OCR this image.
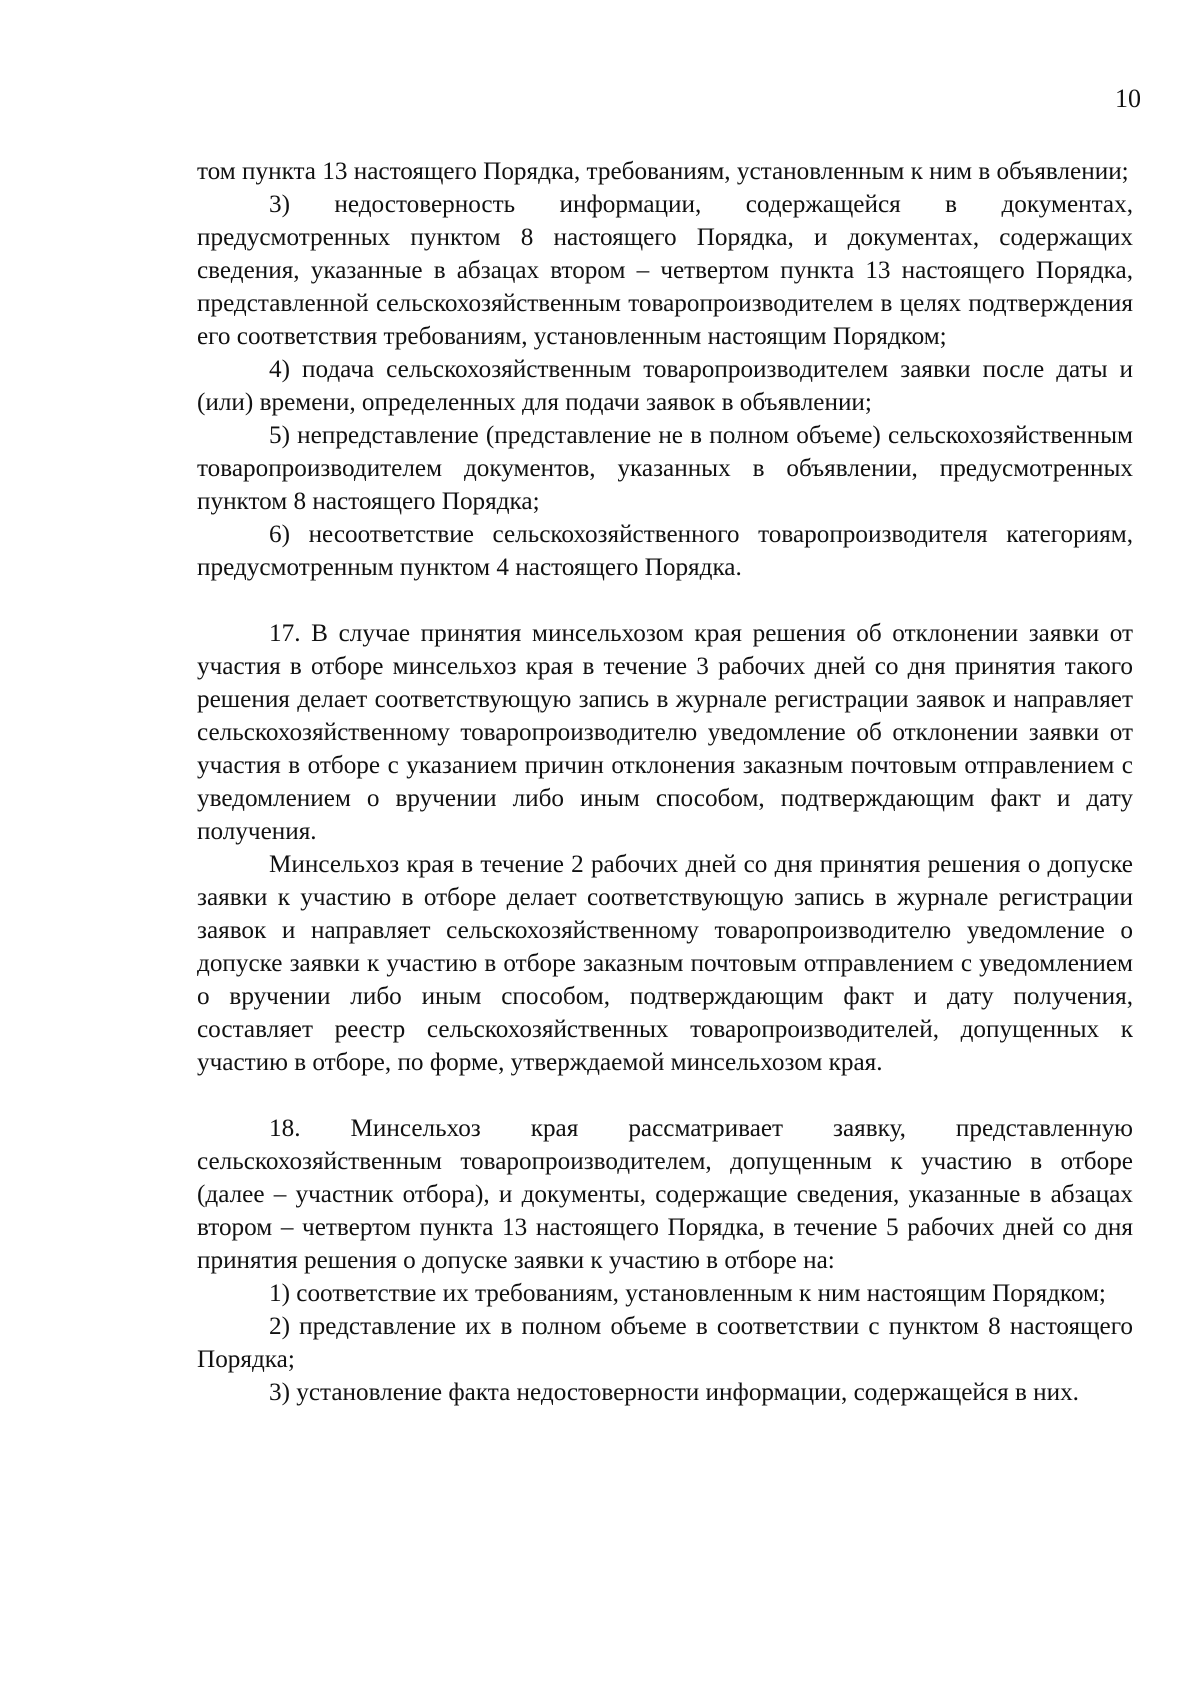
10

том пункта 13 настоящего Порядка, требованиям, установленным к ним в объявлении;

3) недостоверность информации, содержащейся в документах, предусмотренных пунктом 8 настоящего Порядка, и документах, содержащих сведения, указанные в абзацах втором – четвертом пункта 13 настоящего Порядка, представленной сельскохозяйственным товаропроизводителем в целях подтверждения его соответствия требованиям, установленным настоящим Порядком;

4) подача сельскохозяйственным товаропроизводителем заявки после даты и (или) времени, определенных для подачи заявок в объявлении;

5) непредставление (представление не в полном объеме) сельскохозяйственным товаропроизводителем документов, указанных в объявлении, предусмотренных пунктом 8 настоящего Порядка;

6) несоответствие сельскохозяйственного товаропроизводителя категориям, предусмотренным пунктом 4 настоящего Порядка.

17. В случае принятия минсельхозом края решения об отклонении заявки от участия в отборе минсельхоз края в течение 3 рабочих дней со дня принятия такого решения делает соответствующую запись в журнале регистрации заявок и направляет сельскохозяйственному товаропроизводителю уведомление об отклонении заявки от участия в отборе с указанием причин отклонения заказным почтовым отправлением с уведомлением о вручении либо иным способом, подтверждающим факт и дату получения.

Минсельхоз края в течение 2 рабочих дней со дня принятия решения о допуске заявки к участию в отборе делает соответствующую запись в журнале регистрации заявок и направляет сельскохозяйственному товаропроизводителю уведомление о допуске заявки к участию в отборе заказным почтовым отправлением с уведомлением о вручении либо иным способом, подтверждающим факт и дату получения, составляет реестр сельскохозяйственных товаропроизводителей, допущенных к участию в отборе, по форме, утверждаемой минсельхозом края.

18. Минсельхоз края рассматривает заявку, представленную сельскохозяйственным товаропроизводителем, допущенным к участию в отборе (далее – участник отбора), и документы, содержащие сведения, указанные в абзацах втором – четвертом пункта 13 настоящего Порядка, в течение 5 рабочих дней со дня принятия решения о допуске заявки к участию в отборе на:

1) соответствие их требованиям, установленным к ним настоящим Порядком;

2) представление их в полном объеме в соответствии с пунктом 8 настоящего Порядка;

3) установление факта недостоверности информации, содержащейся в них.
